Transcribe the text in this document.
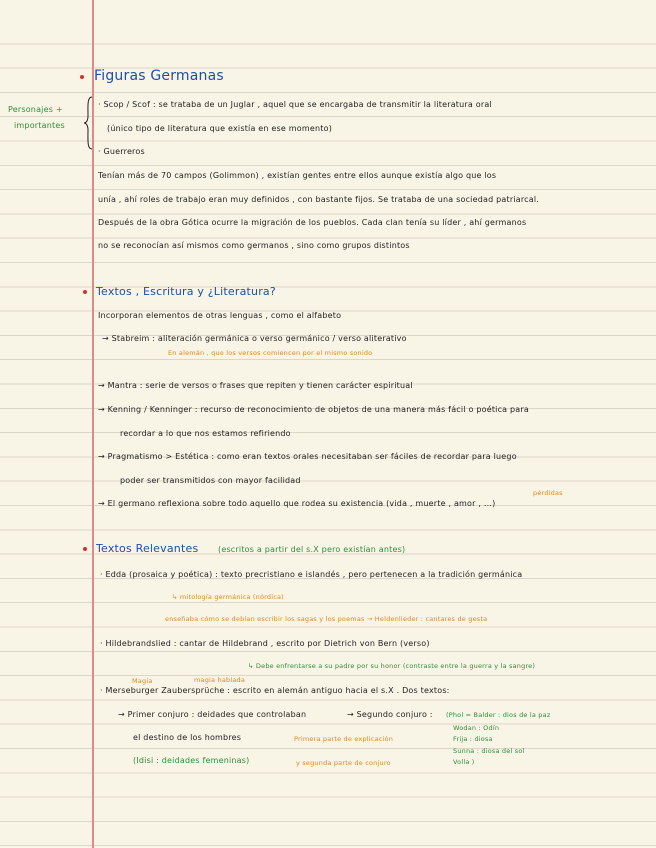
Personajes +
importantes
Figuras Germanas
· Scop / Scof : se trataba de un Juglar , aquel que se encargaba de transmitir la literatura oral
(único tipo de literatura que existía en ese momento)
· Guerreros
Tenían más de 70 campos (Golimmon) , existían gentes entre ellos aunque existía algo que los
unía , ahí roles de trabajo eran muy definidos , con bastante fijos. Se trataba de una sociedad patriarcal.
Después de la obra Gótica ocurre la migración de los pueblos. Cada clan tenía su líder , ahí germanos
no se reconocían así mismos como germanos , sino como grupos distintos
Textos , Escritura y ¿Literatura?
Incorporan elementos de otras lenguas , como el alfabeto
→ Stabreim : aliteración germánica o verso germánico / verso aliterativo
En alemán , que los versos comiencen por el mismo sonido
→ Mantra : serie de versos o frases que repiten y tienen carácter espiritual
→ Kenning / Kenninger : recurso de reconocimiento de objetos de una manera más fácil o poética para
recordar a lo que nos estamos refiriendo
→ Pragmatismo > Estética : como eran textos orales necesitaban ser fáciles de recordar para luego
poder ser transmitidos con mayor facilidad
pérdidas
→ El germano reflexiona sobre todo aquello que rodea su existencia (vida , muerte , amor , ...)
Textos Relevantes (escritos a partir del s.X pero existían antes)
· Edda (prosaica y poética) : texto precristiano e islandés , pero pertenecen a la tradición germánica
↳ mitología germánica (nórdica)
enseñaba cómo se debían escribir los sagas y los poemas → Heldenlieder : cantares de gesta
· Hildebrandslied : cantar de Hildebrand , escrito por Dietrich von Bern (verso)
↳ Debe enfrentarse a su padre por su honor (contraste entre la guerra y la sangre)
Magia	magia hablada
· Merseburger Zaubersprüche : escrito en alemán antiguo hacia el s.X . Dos textos:
→ Primer conjuro : deidades que controlaban
el destino de los hombres
(Idisi : deidades femeninas)
→ Segundo conjuro :
Primera parte de explicación
y segunda parte de conjuro
(Phol = Balder : dios de la paz
Wodan : Odín
Frija : diosa
Sunna : diosa del sol
Volla )
